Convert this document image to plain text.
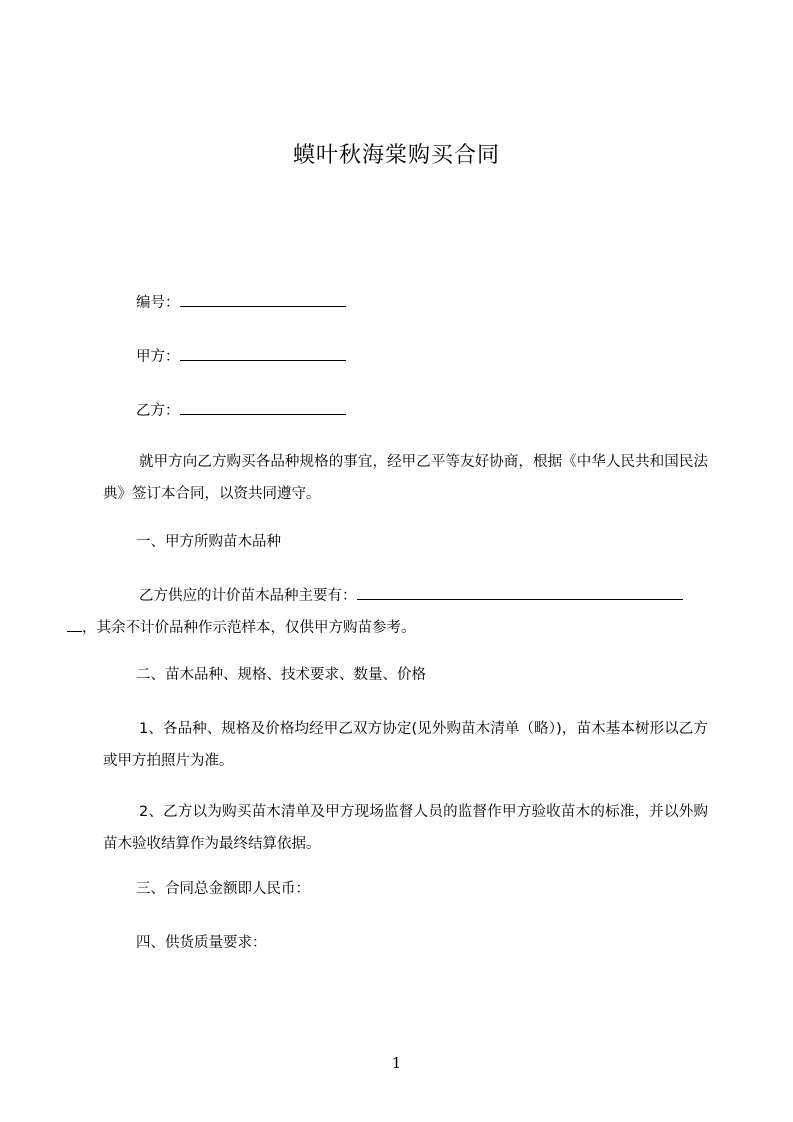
蟆叶秋海棠购买合同
编号：
甲方：
乙方：
就甲方向乙方购买各品种规格的事宜，经甲乙平等友好协商，根据《中华人民共和国民法典》签订本合同，以资共同遵守。
一、甲方所购苗木品种
乙方供应的计价苗木品种主要有：
，其余不计价品种作示范样本，仅供甲方购苗参考。
二、苗木品种、规格、技术要求、数量、价格
1、各品种、规格及价格均经甲乙双方协定(见外购苗木清单（略）)，苗木基本树形以乙方或甲方拍照片为准。
2、乙方以为购买苗木清单及甲方现场监督人员的监督作甲方验收苗木的标准，并以外购苗木验收结算作为最终结算依据。
三、合同总金额即人民币：
四、供货质量要求：
1
